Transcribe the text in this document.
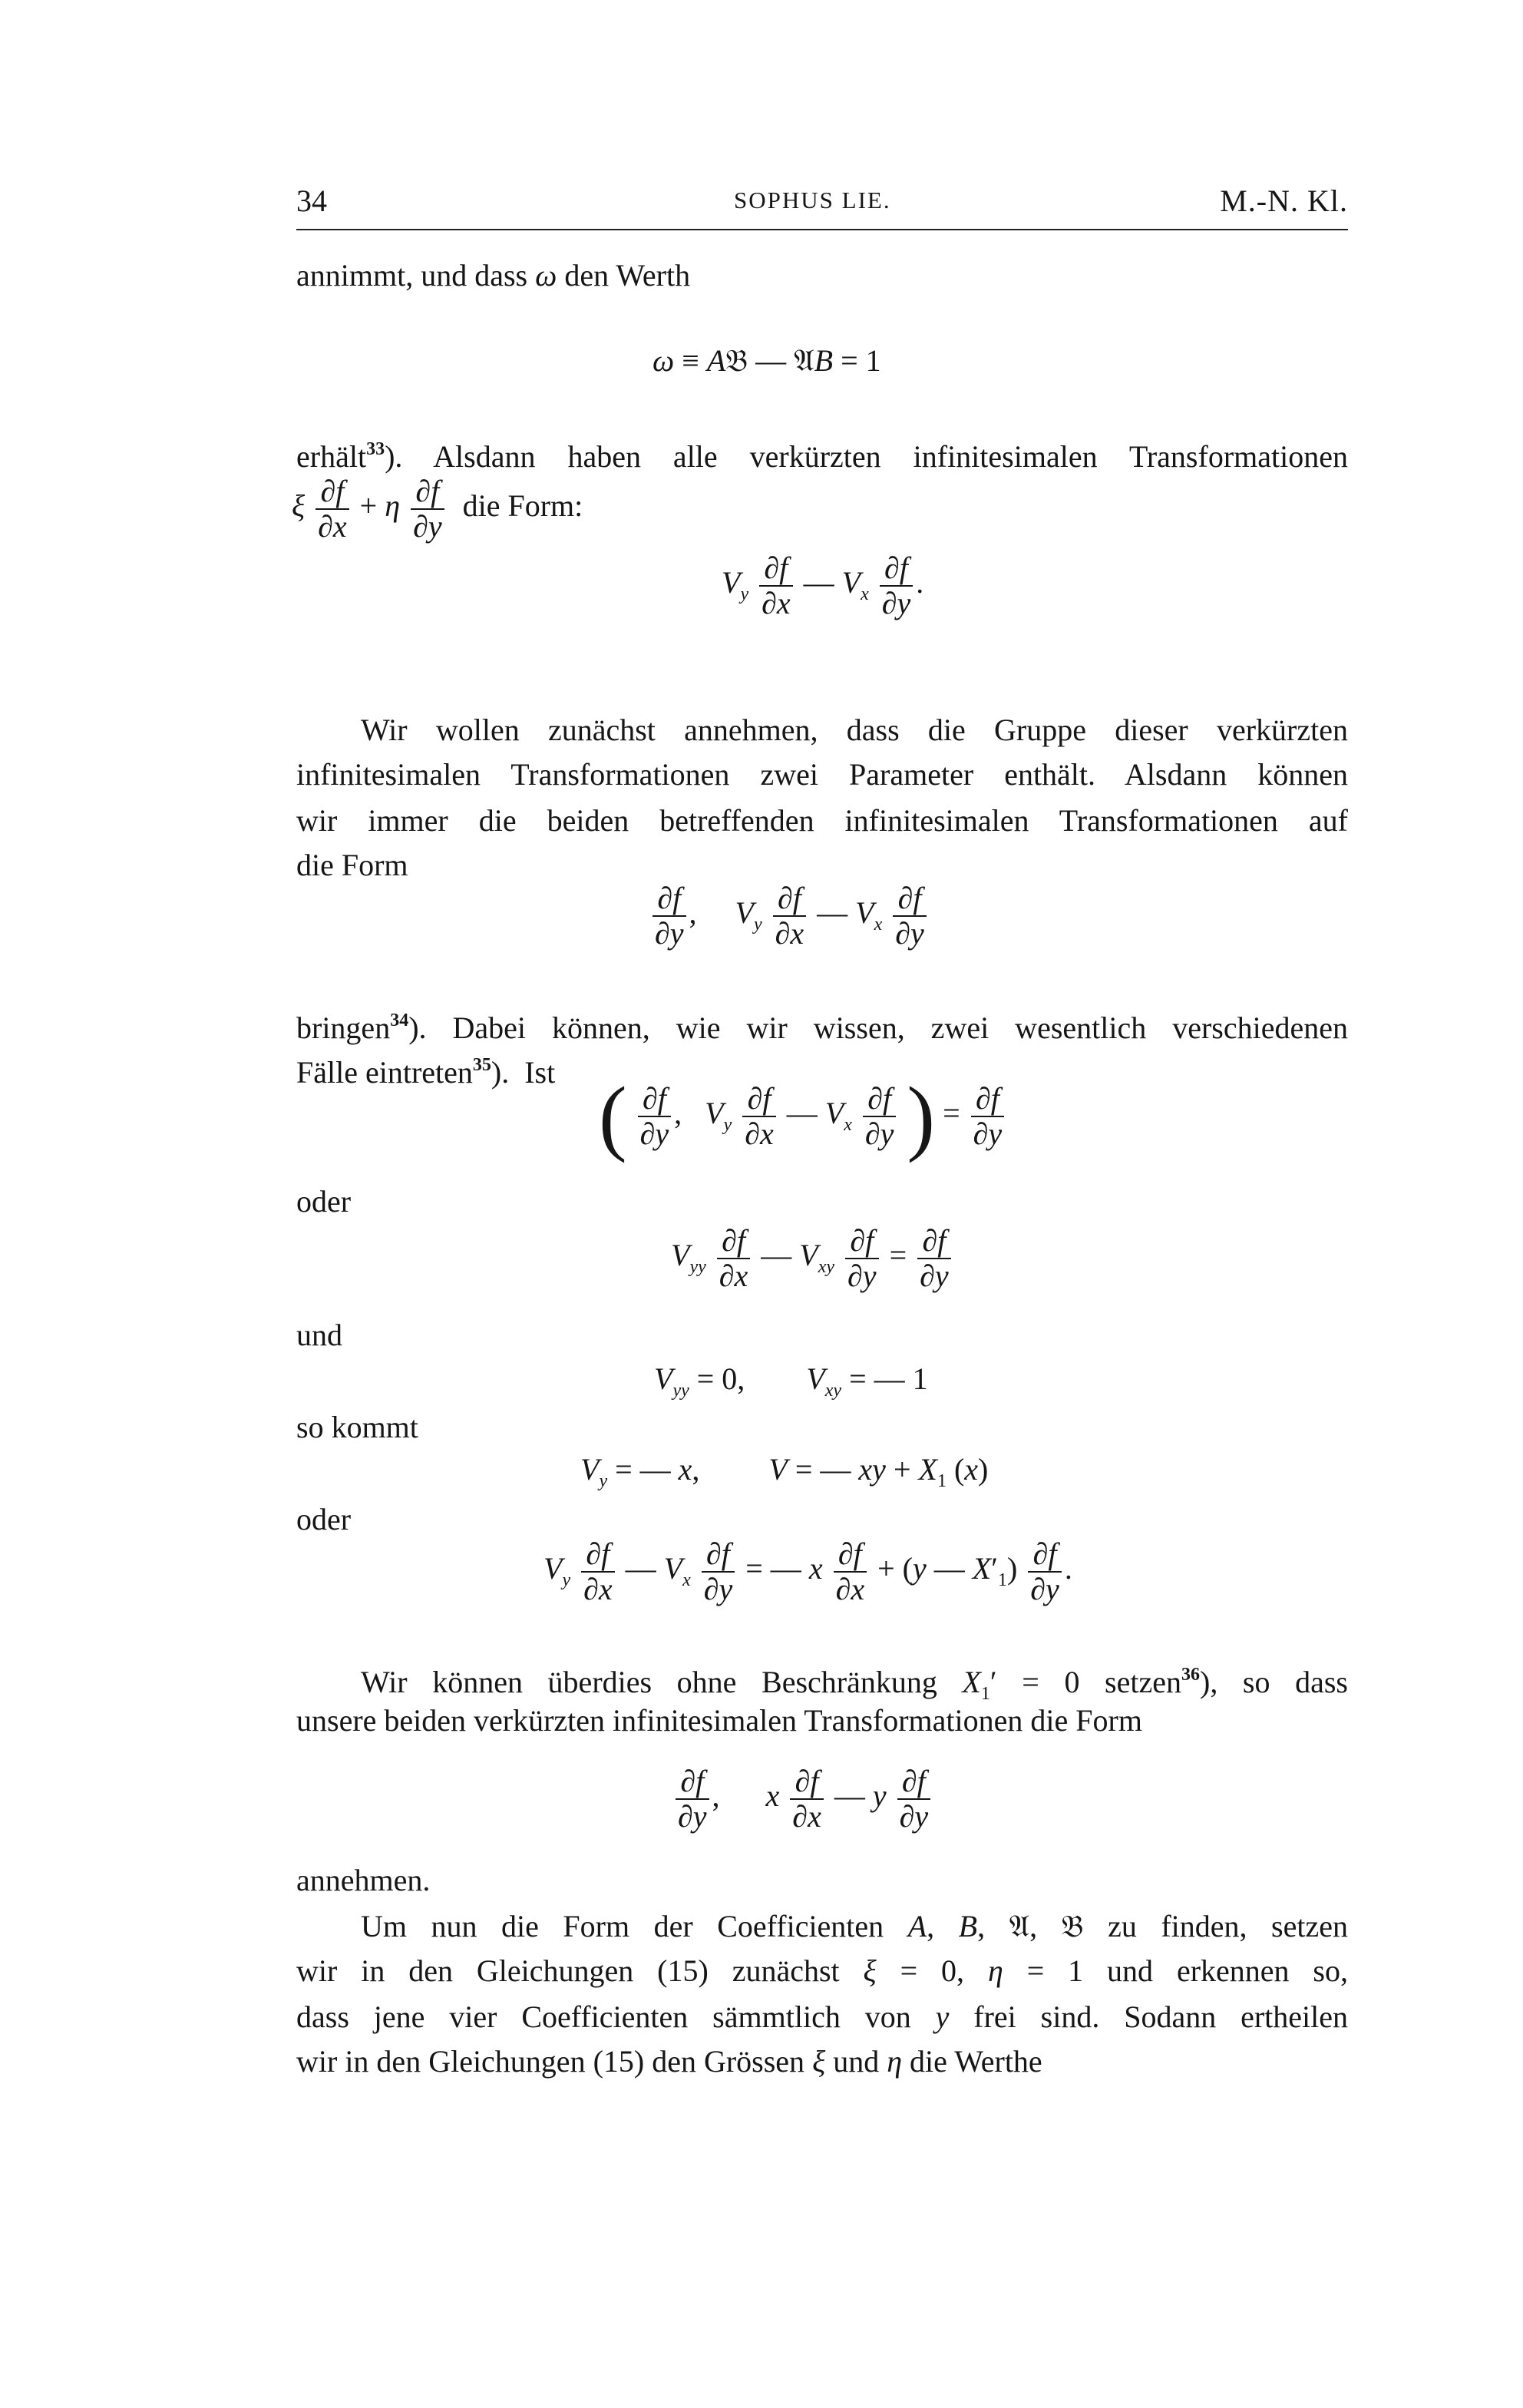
34	SOPHUS LIE.	M.-N. Kl.
annimmt, und dass ω den Werth
ω ≡ A𝔅 — 𝔄B = 1
erhält$^{33}$). Alsdann haben alle verkürzten infinitesimalen Transformationen
ξ $\frac{\partial f}{\partial x} + \eta \frac{\partial f}{\partial y}$ die Form:
$V_y \frac{\partial f}{\partial x}$ — $V_x \frac{\partial f}{\partial y}$ .
Wir wollen zunächst annehmen, dass die Gruppe dieser verkürzten
infinitesimalen Transformationen zwei Parameter enthält. Alsdann können
wir immer die beiden betreffenden infinitesimalen Transformationen auf
die Form
$\frac{\partial f}{\partial y}$ ,     $V_y \frac{\partial f}{\partial x}$ — $V_x \frac{\partial f}{\partial y}$
bringen$^{34}$). Dabei können, wie wir wissen, zwei wesentlich verschiedenen
Fälle eintreten$^{35}$).  Ist ( $\frac{\partial f}{\partial y}$ ,   $V_y \frac{\partial f}{\partial x}$ — $V_x \frac{\partial f}{\partial y}$ ) = $\frac{\partial f}{\partial y}$
oder
$V_{yy} \frac{\partial f}{\partial x}$ — $V_{xy} \frac{\partial f}{\partial y} = \frac{\partial f}{\partial y}$
und
$V_{yy} = 0$,        $V_{xy}$ = — 1
so kommt
$V_y$ = — x,         V = — xy + $X_1$ (x)
oder
$V_y \frac{\partial f}{\partial x}$ — $V_x \frac{\partial f}{\partial y}$ = — x $\frac{\partial f}{\partial x} + (y$ — $X'_1) \frac{\partial f}{\partial y}$ .
Wir können überdies ohne Beschränkung $X_1' = 0$ setzen$^{36}$), so dass
unsere beiden verkürzten infinitesimalen Transformationen die Form
$\frac{\partial f}{\partial y}$ ,      x $\frac{\partial f}{\partial x}$ — y $\frac{\partial f}{\partial y}$
annehmen.
Um nun die Form der Coefficienten A, B, 𝔄, 𝔅 zu finden, setzen
wir in den Gleichungen (15) zunächst ξ = 0, η = 1 und erkennen so,
dass jene vier Coefficienten sämmtlich von y frei sind. Sodann ertheilen
wir in den Gleichungen (15) den Grössen ξ und η die Werthe
